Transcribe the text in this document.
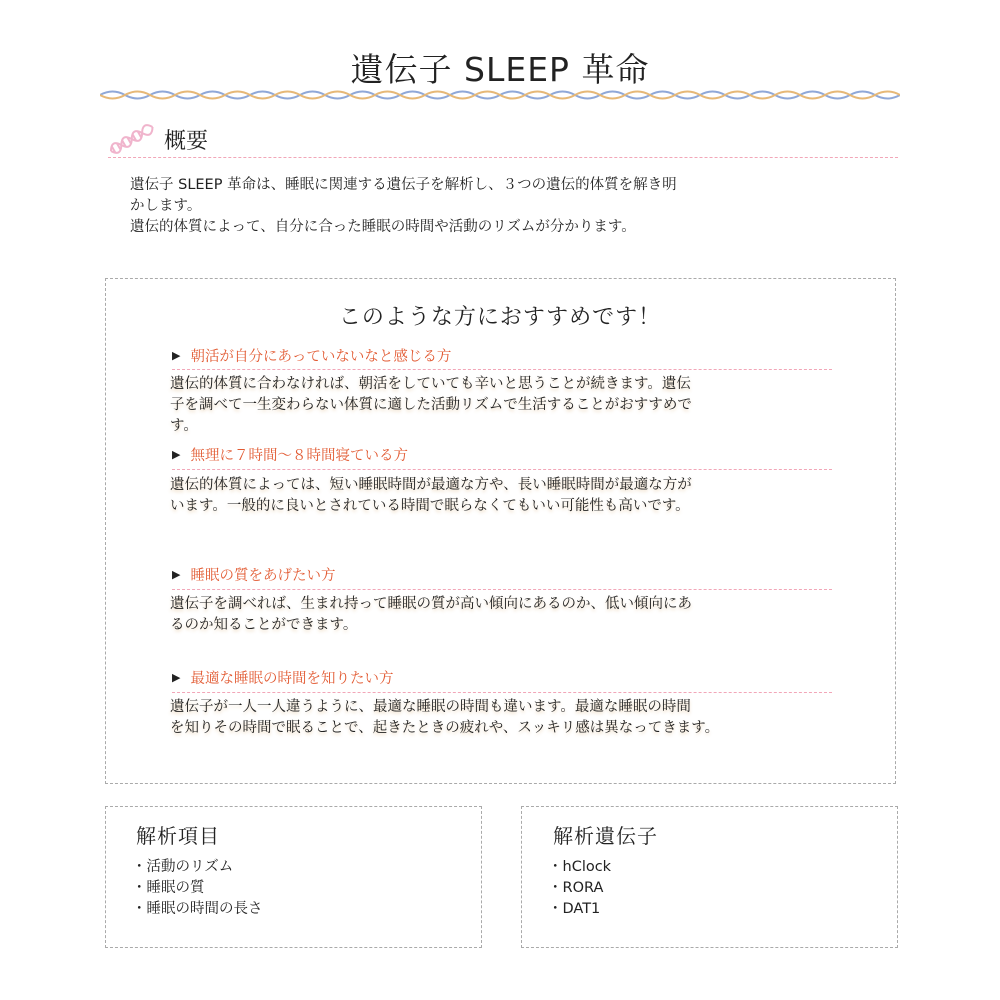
遺伝子 SLEEP 革命
概要

遺伝子 SLEEP 革命は、睡眠に関連する遺伝子を解析し、３つの遺伝的体質を解き明

かします。

遺伝的体質によって、自分に合った睡眠の時間や活動のリズムが分かります。

このような方におすすめです！
▶ 朝活が自分にあっていないなと感じる方
遺伝的体質に合わなければ、朝活をしていても辛いと思うことが続きます。遺伝
子を調べて一生変わらない体質に適した活動リズムで生活することがおすすめで
す。
▶ 無理に７時間～８時間寝ている方
遺伝的体質によっては、短い睡眠時間が最適な方や、長い睡眠時間が最適な方が
います。一般的に良いとされている時間で眠らなくてもいい可能性も高いです。
▶ 睡眠の質をあげたい方
遺伝子を調べれば、生まれ持って睡眠の質が高い傾向にあるのか、低い傾向にあ
るのか知ることができます。
▶ 最適な睡眠の時間を知りたい方
遺伝子が一人一人違うように、最適な睡眠の時間も違います。最適な睡眠の時間
を知りその時間で眠ることで、起きたときの疲れや、スッキリ感は異なってきます。
解析項目
・ 活動のリズム
・ 睡眠の質
・ 睡眠の時間の長さ
解析遺伝子
・ hClock
・ RORA
・ DAT1
